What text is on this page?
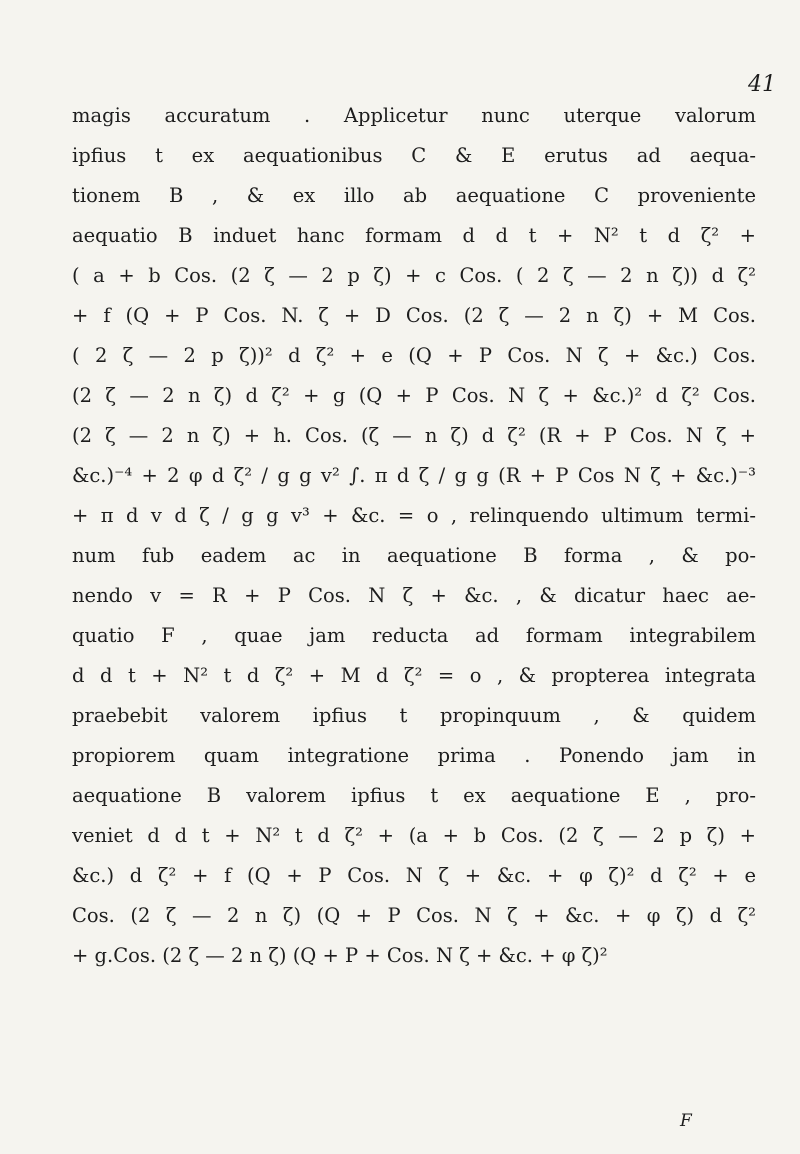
41
magis accuratum . Applicetur nunc uterque valorum
ipfius t ex aequationibus C & E erutus ad aequa-
tionem B , & ex illo ab aequatione C proveniente
aequatio B induet hanc formam d d t + N² t d ζ² +
( a + b Cos. (2 ζ — 2 p ζ) + c Cos. ( 2 ζ — 2 n ζ)) d ζ²
+ f (Q + P Cos. N. ζ + D Cos. (2 ζ — 2 n ζ) + M Cos.
( 2 ζ — 2 p ζ))² d ζ² + e (Q + P Cos. N ζ + &c.) Cos.
(2 ζ — 2 n ζ) d ζ² + g (Q + P Cos. N ζ + &c.)² d ζ² Cos.
(2 ζ — 2 n ζ) + h. Cos. (ζ — n ζ) d ζ² (R + P Cos. N ζ +
&c.)⁻⁴ + 2 φ d ζ² / g g v² ∫. π d ζ / g g (R + P Cos N ζ + &c.)⁻³
+ π d v d ζ / g g v³ + &c. = o , relinquendo ultimum termi-
num fub eadem ac in aequatione B forma , & po-
nendo v = R + P Cos. N ζ + &c. , & dicatur haec ae-
quatio F , quae jam reducta ad formam integrabilem
d d t + N² t d ζ² + M d ζ² = o , & propterea integrata
praebebit valorem ipfius t propinquum , & quidem
propiorem quam integratione prima . Ponendo jam in
aequatione B valorem ipfius t ex aequatione E , pro-
veniet d d t + N² t d ζ² + (a + b Cos. (2 ζ — 2 p ζ) +
&c.) d ζ² + f (Q + P Cos. N ζ + &c. + φ ζ)² d ζ² + e
Cos. (2 ζ — 2 n ζ) (Q + P Cos. N ζ + &c. + φ ζ) d ζ²
+ g.Cos. (2 ζ — 2 n ζ) (Q + P + Cos. N ζ + &c. + φ ζ)²
F
